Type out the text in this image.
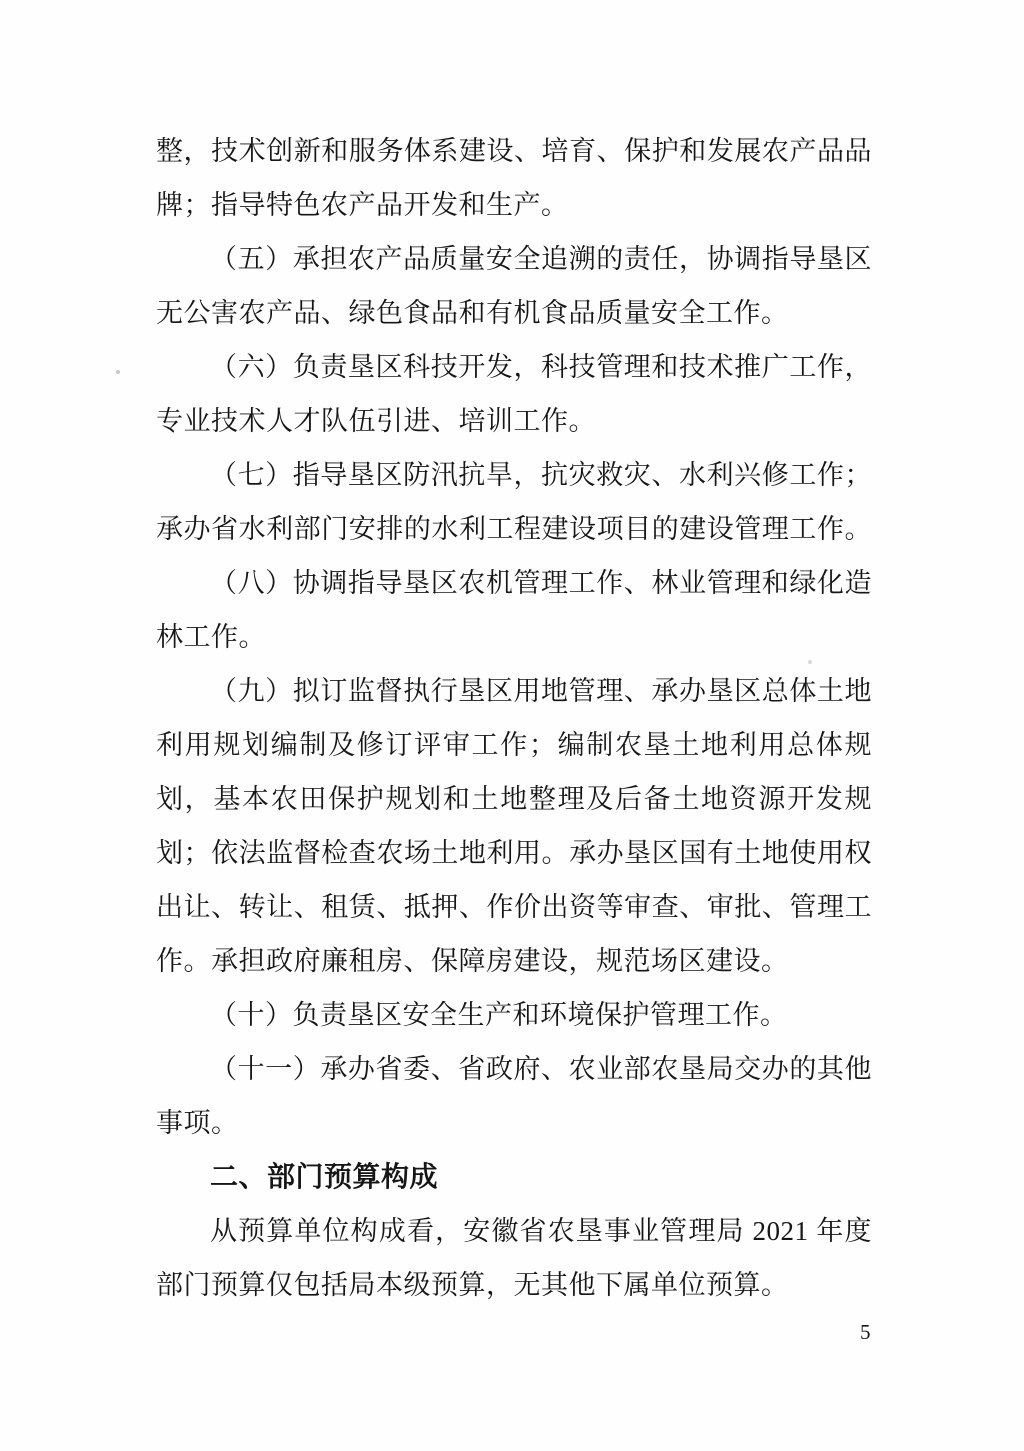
整，技术创新和服务体系建设、培育、保护和发展农产品品
牌；指导特色农产品开发和生产。
（五）承担农产品质量安全追溯的责任，协调指导垦区
无公害农产品、绿色食品和有机食品质量安全工作。
（六）负责垦区科技开发，科技管理和技术推广工作，
专业技术人才队伍引进、培训工作。
（七）指导垦区防汛抗旱，抗灾救灾、水利兴修工作；
承办省水利部门安排的水利工程建设项目的建设管理工作。
（八）协调指导垦区农机管理工作、林业管理和绿化造
林工作。
（九）拟订监督执行垦区用地管理、承办垦区总体土地
利用规划编制及修订评审工作；编制农垦土地利用总体规
划，基本农田保护规划和土地整理及后备土地资源开发规
划；依法监督检查农场土地利用。承办垦区国有土地使用权
出让、转让、租赁、抵押、作价出资等审查、审批、管理工
作。承担政府廉租房、保障房建设，规范场区建设。
（十）负责垦区安全生产和环境保护管理工作。
（十一）承办省委、省政府、农业部农垦局交办的其他
事项。
二、部门预算构成
从预算单位构成看，安徽省农垦事业管理局 2021 年度
部门预算仅包括局本级预算，无其他下属单位预算。
5
